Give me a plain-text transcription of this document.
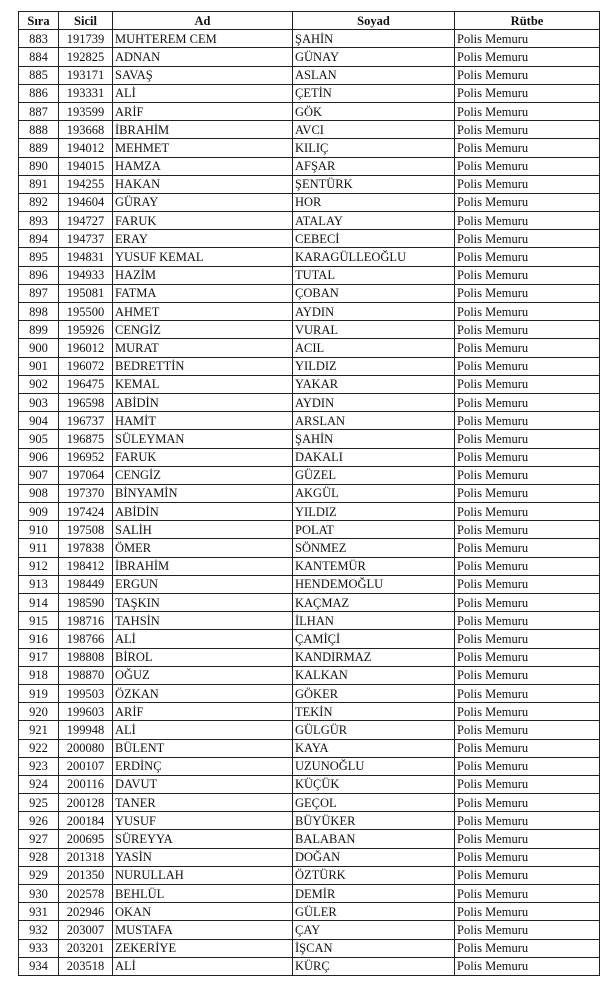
Sıra	Sicil	Ad	Soyad	Rütbe
883	191739	MUHTEREM CEM	ŞAHİN	Polis Memuru
884	192825	ADNAN	GÜNAY	Polis Memuru
885	193171	SAVAŞ	ASLAN	Polis Memuru
886	193331	ALİ	ÇETİN	Polis Memuru
887	193599	ARİF	GÖK	Polis Memuru
888	193668	İBRAHİM	AVCI	Polis Memuru
889	194012	MEHMET	KILIÇ	Polis Memuru
890	194015	HAMZA	AFŞAR	Polis Memuru
891	194255	HAKAN	ŞENTÜRK	Polis Memuru
892	194604	GÜRAY	HOR	Polis Memuru
893	194727	FARUK	ATALAY	Polis Memuru
894	194737	ERAY	CEBECİ	Polis Memuru
895	194831	YUSUF KEMAL	KARAGÜLLEOĞLU	Polis Memuru
896	194933	HAZİM	TUTAL	Polis Memuru
897	195081	FATMA	ÇOBAN	Polis Memuru
898	195500	AHMET	AYDIN	Polis Memuru
899	195926	CENGİZ	VURAL	Polis Memuru
900	196012	MURAT	ACIL	Polis Memuru
901	196072	BEDRETTİN	YILDIZ	Polis Memuru
902	196475	KEMAL	YAKAR	Polis Memuru
903	196598	ABİDİN	AYDIN	Polis Memuru
904	196737	HAMİT	ARSLAN	Polis Memuru
905	196875	SÜLEYMAN	ŞAHİN	Polis Memuru
906	196952	FARUK	DAKALI	Polis Memuru
907	197064	CENGİZ	GÜZEL	Polis Memuru
908	197370	BİNYAMİN	AKGÜL	Polis Memuru
909	197424	ABİDİN	YILDIZ	Polis Memuru
910	197508	SALİH	POLAT	Polis Memuru
911	197838	ÖMER	SÖNMEZ	Polis Memuru
912	198412	İBRAHİM	KANTEMÜR	Polis Memuru
913	198449	ERGUN	HENDEMOĞLU	Polis Memuru
914	198590	TAŞKIN	KAÇMAZ	Polis Memuru
915	198716	TAHSİN	İLHAN	Polis Memuru
916	198766	ALİ	ÇAMİÇİ	Polis Memuru
917	198808	BİROL	KANDIRMAZ	Polis Memuru
918	198870	OĞUZ	KALKAN	Polis Memuru
919	199503	ÖZKAN	GÖKER	Polis Memuru
920	199603	ARİF	TEKİN	Polis Memuru
921	199948	ALİ	GÜLGÜR	Polis Memuru
922	200080	BÜLENT	KAYA	Polis Memuru
923	200107	ERDİNÇ	UZUNOĞLU	Polis Memuru
924	200116	DAVUT	KÜÇÜK	Polis Memuru
925	200128	TANER	GEÇOL	Polis Memuru
926	200184	YUSUF	BÜYÜKER	Polis Memuru
927	200695	SÜREYYA	BALABAN	Polis Memuru
928	201318	YASİN	DOĞAN	Polis Memuru
929	201350	NURULLAH	ÖZTÜRK	Polis Memuru
930	202578	BEHLÜL	DEMİR	Polis Memuru
931	202946	OKAN	GÜLER	Polis Memuru
932	203007	MUSTAFA	ÇAY	Polis Memuru
933	203201	ZEKERİYE	İŞCAN	Polis Memuru
934	203518	ALİ	KÜRÇ	Polis Memuru
